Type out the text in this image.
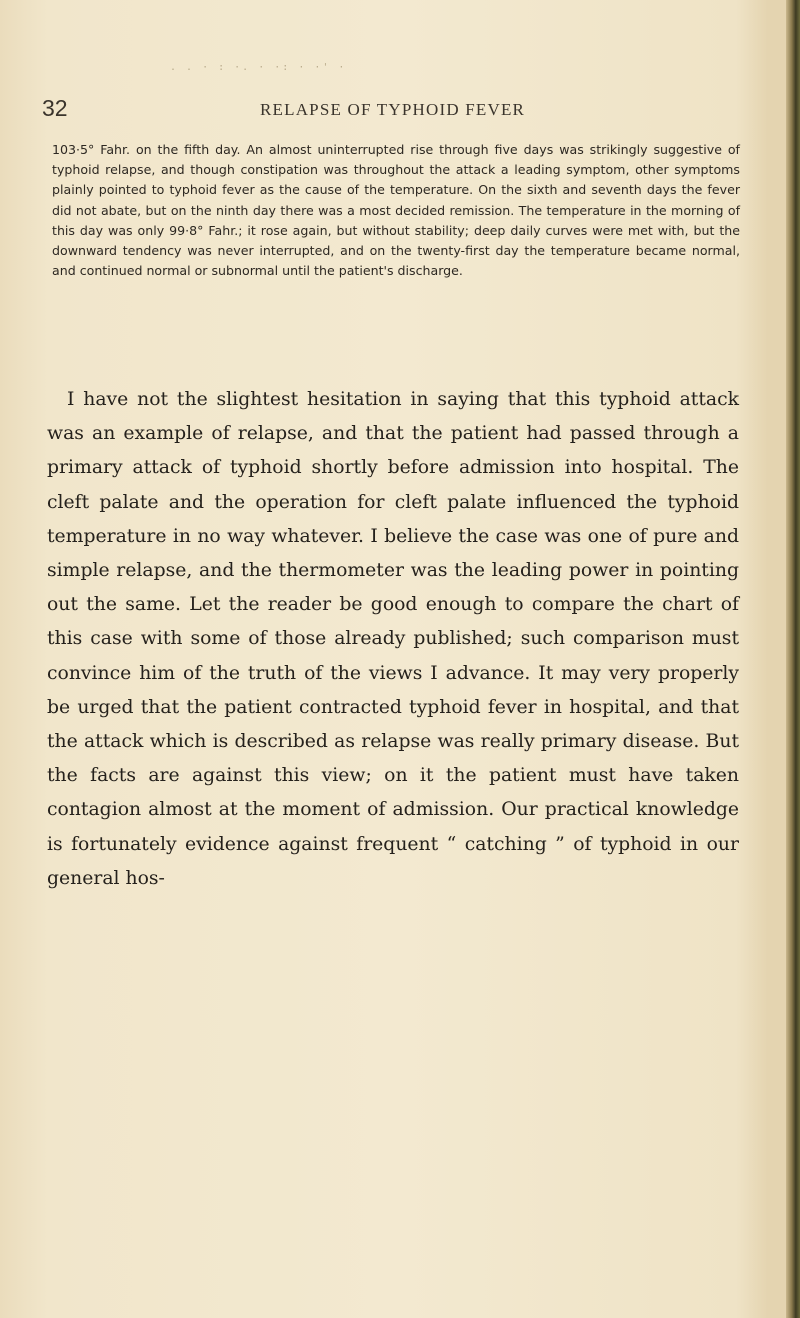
. . · : ·. · ·: · ·' ·

32	RELAPSE OF TYPHOID FEVER

103·5° Fahr. on the fifth day. An almost uninterrupted rise through five days was strikingly suggestive of typhoid relapse, and though constipation was throughout the attack a leading symptom, other symptoms plainly pointed to typhoid fever as the cause of the temperature. On the sixth and seventh days the fever did not abate, but on the ninth day there was a most decided remission. The temperature in the morning of this day was only 99·8° Fahr.; it rose again, but without stability; deep daily curves were met with, but the downward tendency was never interrupted, and on the twenty-first day the temperature became normal, and continued normal or subnormal until the patient's discharge.

I have not the slightest hesitation in saying that this typhoid attack was an example of relapse, and that the patient had passed through a primary attack of typhoid shortly before admission into hospital. The cleft palate and the operation for cleft palate influenced the typhoid temperature in no way whatever. I believe the case was one of pure and simple relapse, and the thermometer was the leading power in pointing out the same. Let the reader be good enough to compare the chart of this case with some of those already published; such comparison must convince him of the truth of the views I advance. It may very properly be urged that the patient contracted typhoid fever in hospital, and that the attack which is described as relapse was really primary disease. But the facts are against this view; on it the patient must have taken contagion almost at the moment of admission. Our practical knowledge is fortunately evidence against frequent “ catching ” of typhoid in our general hos-
